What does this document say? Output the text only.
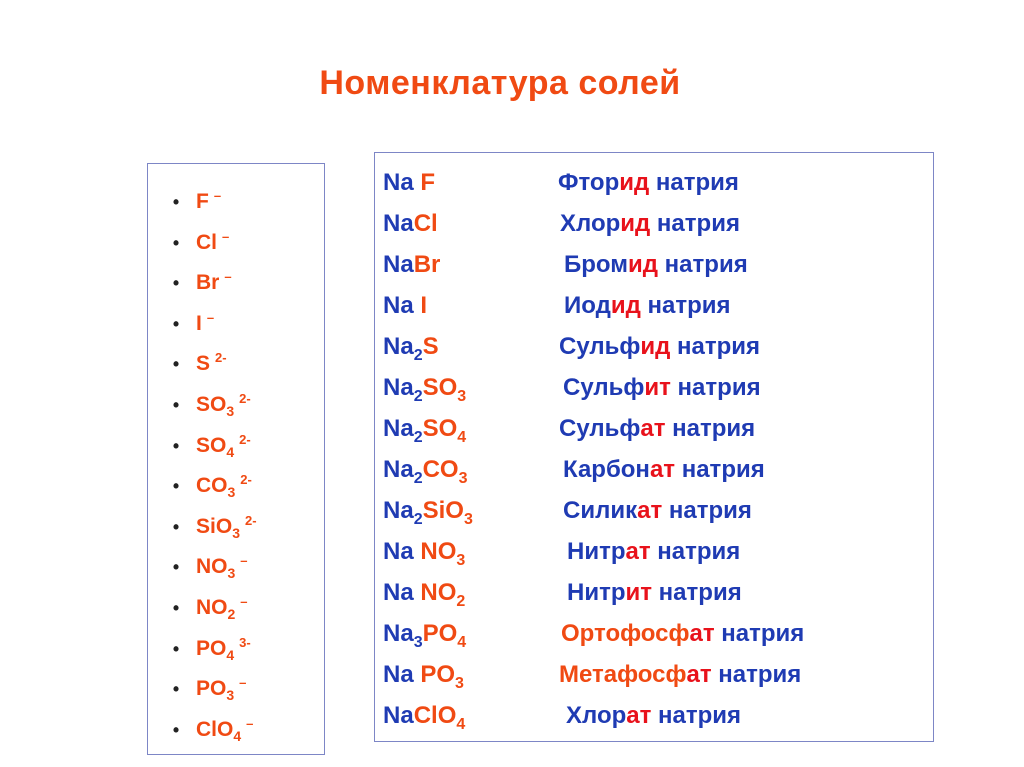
Номенклатура солей
• F –
• Cl –
• Br –
• I –
• S $^{2-}$
• $SO_3^{2-}$
• $SO_4^{2-}$
• $CO_3^{2-}$
• SiO$_3^{2-}$
• $NO_3^-$
• $NO_2^-$
• $PO_4^{3-}$
• $PO_3^-$
• ClO$_4$–
Na F	Фторид натрия
NaCl	Хлорид натрия
NaBr	Бромид натрия
Na I	Иодид натрия
$Na_2S$	Сульфид натрия
$Na_2SO_3$	Сульфит натрия
$Na_2SO_4$	Сульфат натрия
$Na_2CO_3$	Карбонат натрия
$Na_2SiO_3$	Силикат натрия
Na $NO_3$	Нитрат натрия
Na $NO_2$	Нитрит натрия
$Na_3PO_4$	Ортофосфат натрия
Na $PO_3$	Метафосфат натрия
NaClO$_4$	Хлорат натрия
